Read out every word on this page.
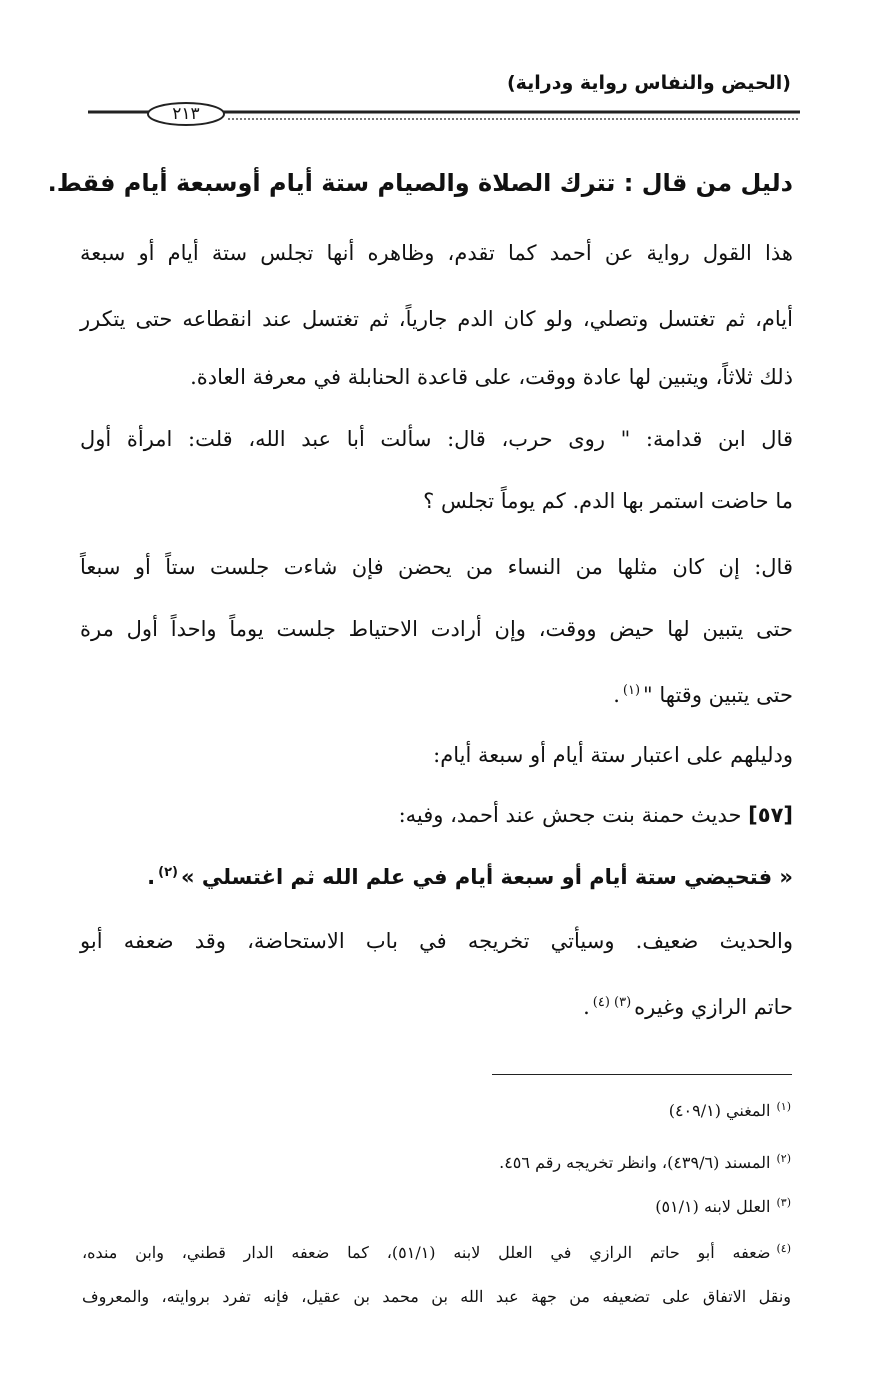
(الحيض والنفاس رواية ودراية)
٢١٣
دليل من قال : تترك الصلاة والصيام ستة أيام أوسبعة أيام فقط.
هذا القول رواية عن أحمد كما تقدم، وظاهره أنها تجلس ستة أيام أو سبعة
أيام، ثم تغتسل وتصلي، ولو كان الدم جارياً، ثم تغتسل عند انقطاعه حتى يتكرر
ذلك ثلاثاً، ويتبين لها عادة ووقت، على قاعدة الحنابلة في معرفة العادة.
قال ابن قدامة: " روى حرب، قال: سألت أبا عبد الله، قلت: امرأة أول
ما حاضت استمر بها الدم. كم يوماً تجلس ؟
قال: إن كان مثلها من النساء من يحضن فإن شاءت جلست ستاً أو سبعاً
حتى يتبين لها حيض ووقت، وإن أرادت الاحتياط جلست يوماً واحداً أول مرة
حتى يتبين وقتها "$^{(١)}$.
ودليلهم على اعتبار ستة أيام أو سبعة أيام:
[٥٧] حديث حمنة بنت جحش عند أحمد، وفيه:
« فتحيضي ستة أيام أو سبعة أيام في علم الله ثم اغتسلي »$^{(٢)}$.
والحديث ضعيف. وسيأتي تخريجه في باب الاستحاضة، وقد ضعفه أبو
حاتم الرازي وغيره$^{(٣) (٤)}$.
$^{(١)}$المغني (٤٠٩/١)
$^{(٢)}$المسند (٤٣٩/٦)، وانظر تخريجه رقم ٤٥٦.
$^{(٣)}$العلل لابنه (٥١/١)
$^{(٤)}$ضعفه أبو حاتم الرازي في العلل لابنه (٥١/١)، كما ضعفه الدار قطني، وابن منده،
ونقل الاتفاق على تضعيفه من جهة عبد الله بن محمد بن عقيل، فإنه تفرد بروايته، والمعروف
